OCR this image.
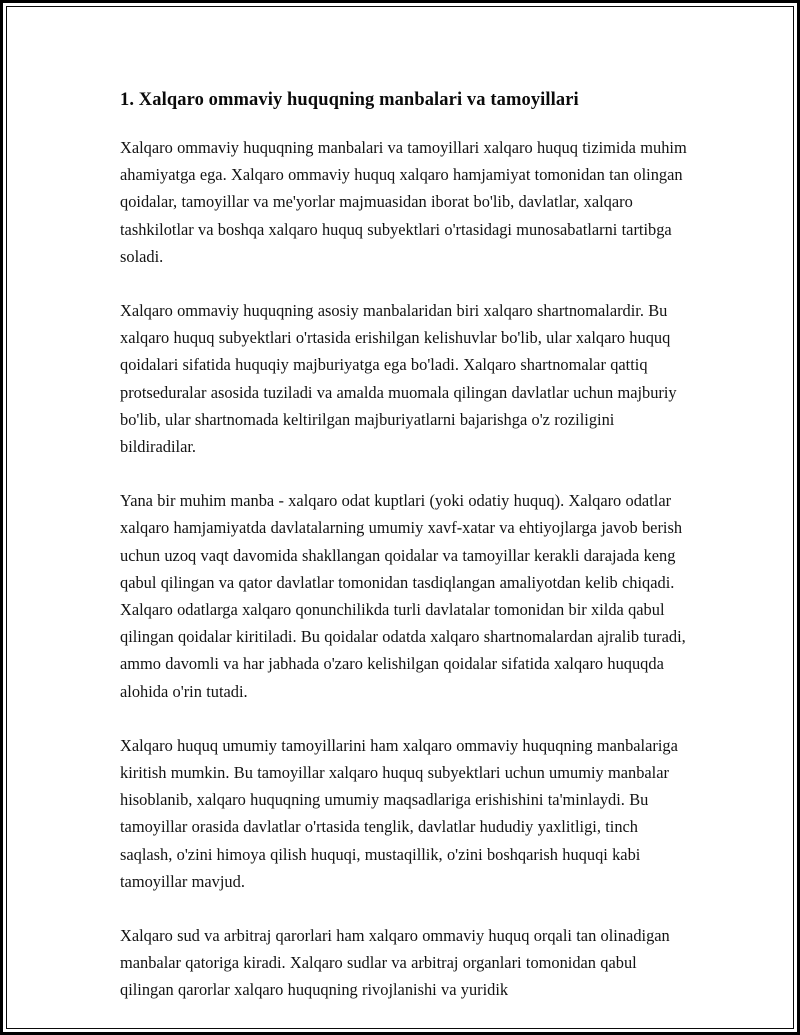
1. Xalqaro ommaviy huquqning manbalari va tamoyillari

Xalqaro ommaviy huquqning manbalari va tamoyillari xalqaro huquq tizimida muhim ahamiyatga ega. Xalqaro ommaviy huquq xalqaro hamjamiyat tomonidan tan olingan qoidalar, tamoyillar va me'yorlar majmuasidan iborat bo'lib, davlatlar, xalqaro tashkilotlar va boshqa xalqaro huquq subyektlari o'rtasidagi munosabatlarni tartibga soladi.

Xalqaro ommaviy huquqning asosiy manbalaridan biri xalqaro shartnomalardir. Bu xalqaro huquq subyektlari o'rtasida erishilgan kelishuvlar bo'lib, ular xalqaro huquq qoidalari sifatida huquqiy majburiyatga ega bo'ladi. Xalqaro shartnomalar qattiq protseduralar asosida tuziladi va amalda muomala qilingan davlatlar uchun majburiy bo'lib, ular shartnomada keltirilgan majburiyatlarni bajarishga o'z roziligini bildiradilar.

Yana bir muhim manba - xalqaro odat kuptlari (yoki odatiy huquq). Xalqaro odatlar xalqaro hamjamiyatda davlatalarning umumiy xavf-xatar va ehtiyojlarga javob berish uchun uzoq vaqt davomida shakllangan qoidalar va tamoyillar kerakli darajada keng qabul qilingan va qator davlatlar tomonidan tasdiqlangan amaliyotdan kelib chiqadi. Xalqaro odatlarga xalqaro qonunchilikda turli davlatalar tomonidan bir xilda qabul qilingan qoidalar kiritiladi. Bu qoidalar odatda xalqaro shartnomalardan ajralib turadi, ammo davomli va har jabhada o'zaro kelishilgan qoidalar sifatida xalqaro huquqda alohida o'rin tutadi.

Xalqaro huquq umumiy tamoyillarini ham xalqaro ommaviy huquqning manbalariga kiritish mumkin. Bu tamoyillar xalqaro huquq subyektlari uchun umumiy manbalar hisoblanib, xalqaro huquqning umumiy maqsadlariga erishishini ta'minlaydi. Bu tamoyillar orasida davlatlar o'rtasida tenglik, davlatlar hududiy yaxlitligi, tinch saqlash, o'zini himoya qilish huquqi, mustaqillik, o'zini boshqarish huquqi kabi tamoyillar mavjud.

Xalqaro sud va arbitraj qarorlari ham xalqaro ommaviy huquq orqali tan olinadigan manbalar qatoriga kiradi. Xalqaro sudlar va arbitraj organlari tomonidan qabul qilingan qarorlar xalqaro huquqning rivojlanishi va yuridik
